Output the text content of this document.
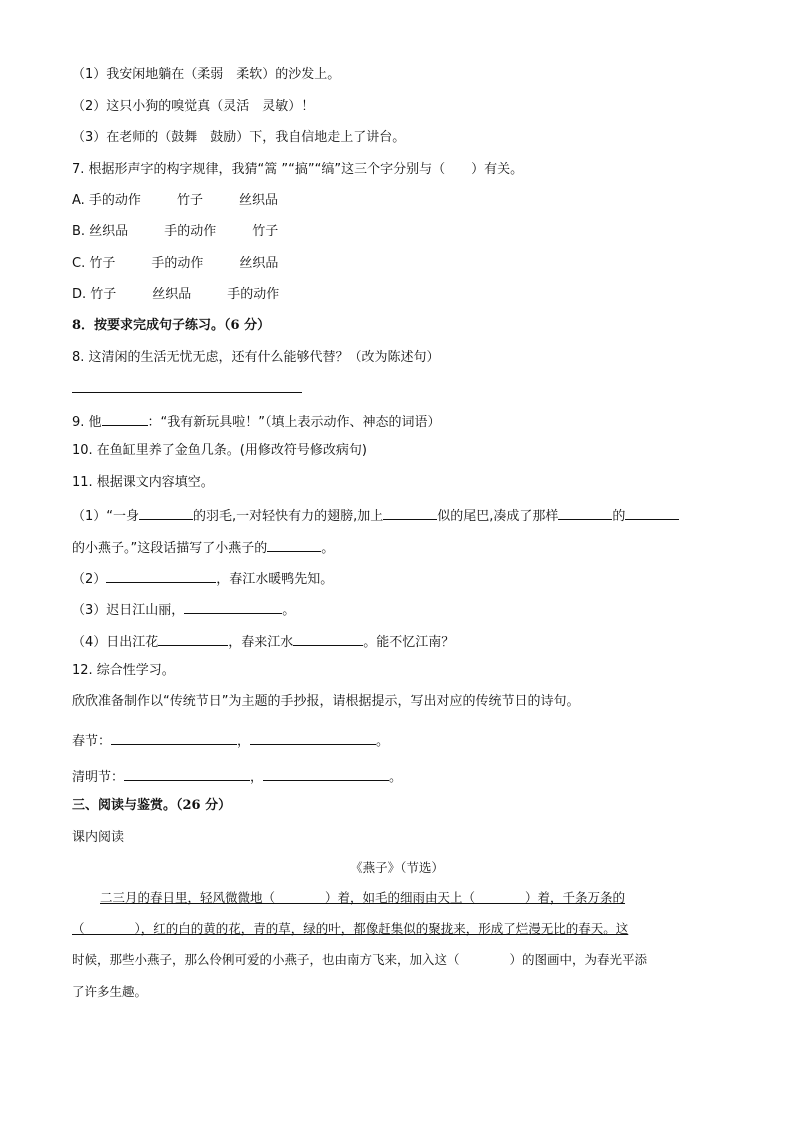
（1）我安闲地躺在（柔弱　柔软）的沙发上。
（2）这只小狗的嗅觉真（灵活　灵敏）！
（3）在老师的（鼓舞　鼓励）下，我自信地走上了讲台。
7. 根据形声字的构字规律，我猜“篙 ”“搞”“缟”这三个字分别与（　　）有关。
A. 手的动作	竹子	丝织品
B. 丝织品	手的动作	竹子
C. 竹子	手的动作	丝织品
D. 竹子	丝织品	手的动作
8．按要求完成句子练习。（6 分）
8. 这清闲的生活无忧无虑，还有什么能够代替？（改为陈述句）
9. 他	：“我有新玩具啦！”（填上表示动作、神态的词语）
10. 在鱼缸里养了金鱼几条。(用修改符号修改病句)
11. 根据课文内容填空。
（1）“一身	的羽毛,一对轻快有力的翅膀,加上	似的尾巴,凑成了那样	的
的小燕子。”这段话描写了小燕子的	。
（2）	，春江水暖鸭先知。
（3）迟日江山丽，	。
（4）日出江花	，春来江水	。能不忆江南？
12. 综合性学习。
欣欣准备制作以“传统节日”为主题的手抄报，请根据提示，写出对应的传统节日的诗句。
春节：	，	。
清明节：	，	。
三、阅读与鉴赏。（26 分）
课内阅读
《燕子》（节选）
二三月的春日里，轻风微微地（　　　　）着，如毛的细雨由天上（　　　　）着，千条万条的
（　　　　），红的白的黄的花，青的草，绿的叶，都像赶集似的聚拢来，形成了烂漫无比的春天。这
时候，那些小燕子，那么伶俐可爱的小燕子，也由南方飞来，加入这（　　　　）的图画中，为春光平添
了许多生趣。
